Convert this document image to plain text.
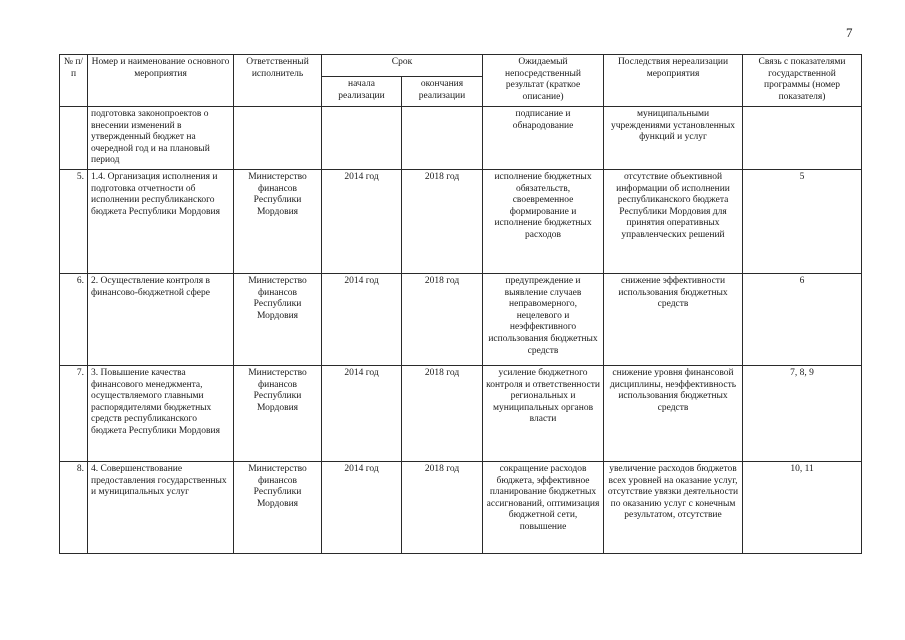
7
№ п/п	Номер и наименование основного мероприятия	Ответственный исполнитель	Срок		Ожидаемый непосредственный результат (краткое описание)	Последствия нереализации мероприятия	Связь с показателями государственной программы (номер показателя)
			начала реализации	окончания реализации			
	подготовка законопроектов о внесении изменений в утвержденный бюджет на очередной год и на плановый период				подписание и обнародование	муниципальными учреждениями установленных функций и услуг	
5.	1.4. Организация исполнения и подготовка отчетности об исполнении республиканского бюджета Республики Мордовия	Министерство финансов Республики Мордовия	2014 год	2018 год	исполнение бюджетных обязательств, своевременное формирование и исполнение бюджетных расходов	отсутствие объективной информации об исполнении республиканского бюджета Республики Мордовия для принятия оперативных управленческих решений	5
6.	2. Осуществление контроля в финансово-бюджетной сфере	Министерство финансов Республики Мордовия	2014 год	2018 год	предупреждение и выявление случаев неправомерного, нецелевого и неэффективного использования бюджетных средств	снижение эффективности использования бюджетных средств	6
7.	3. Повышение качества финансового менеджмента, осуществляемого главными распорядителями бюджетных средств республиканского бюджета Республики Мордовия	Министерство финансов Республики Мордовия	2014 год	2018 год	усиление бюджетного контроля и ответственности региональных и муниципальных органов власти	снижение уровня финансовой дисциплины, неэффективность использования бюджетных средств	7, 8, 9
8.	4. Совершенствование предоставления государственных и муниципальных услуг	Министерство финансов Республики Мордовия	2014 год	2018 год	сокращение расходов бюджета, эффективное планирование бюджетных ассигнований, оптимизация бюджетной сети, повышение	увеличение расходов бюджетов всех уровней на оказание услуг, отсутствие увязки деятельности по оказанию услуг с конечным результатом, отсутствие	10, 11
